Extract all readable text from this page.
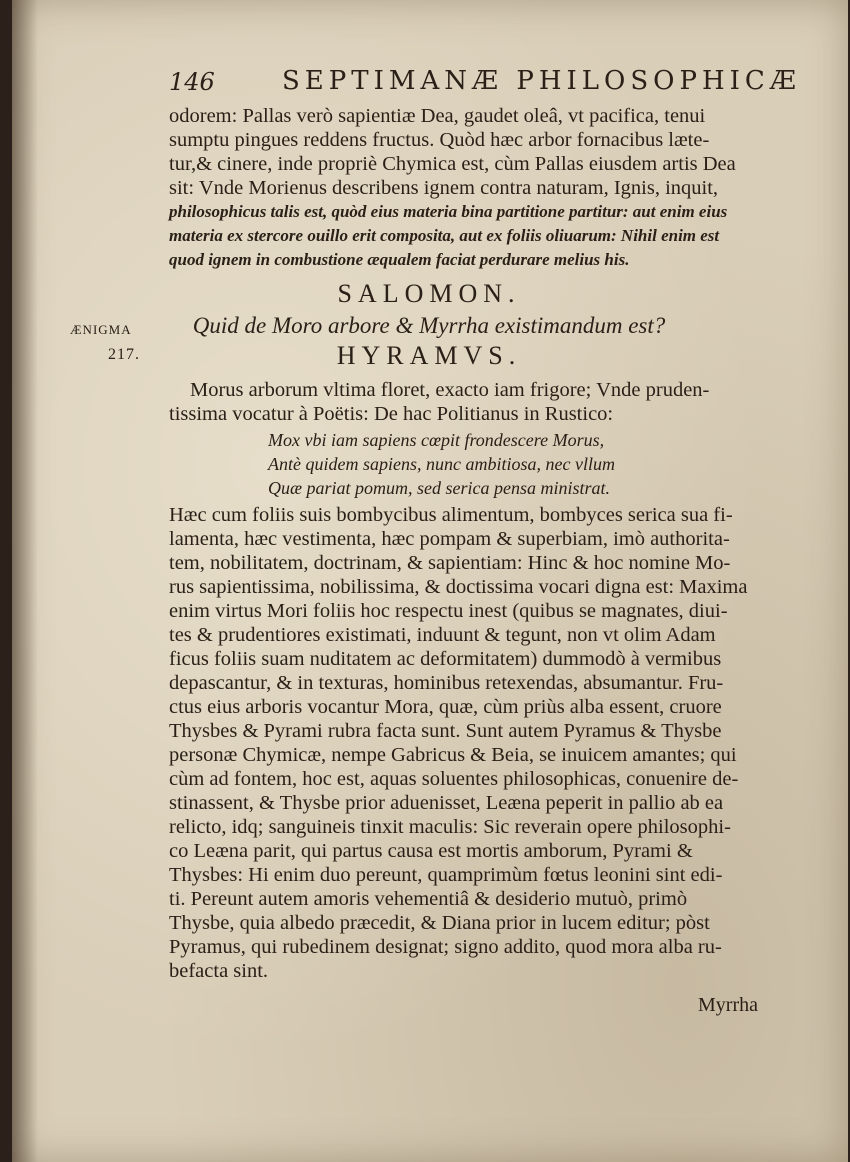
146	SEPTIMANÆ PHILOSOPHICÆ
odorem: Pallas verò sapientiæ Dea, gaudet oleâ, vt pacifica, tenui
sumptu pingues reddens fructus. Quòd hæc arbor fornacibus læte-
tur,& cinere, inde propriè Chymica est, cùm Pallas eiusdem artis Dea
sit: Vnde Morienus describens ignem contra naturam, Ignis, inquit,
philosophicus talis est, quòd eius materia bina partitione partitur: aut enim eius
materia ex stercore ouillo erit composita, aut ex foliis oliuarum: Nihil enim est
quod ignem in combustione æqualem faciat perdurare melius his.
SALOMON.
Quid de Moro arbore & Myrrha existimandum est?
HYRAMVS.
ÆNIGMA
217.
Morus arborum vltima floret, exacto iam frigore; Vnde pruden-
tissima vocatur à Poëtis: De hac Politianus in Rustico:
Mox vbi iam sapiens cœpit frondescere Morus,
Antè quidem sapiens, nunc ambitiosa, nec vllum
Quæ pariat pomum, sed serica pensa ministrat.
Hæc cum foliis suis bombycibus alimentum, bombyces serica sua fi-
lamenta, hæc vestimenta, hæc pompam & superbiam, imò authorita-
tem, nobilitatem, doctrinam, & sapientiam: Hinc & hoc nomine Mo-
rus sapientissima, nobilissima, & doctissima vocari digna est: Maxima
enim virtus Mori foliis hoc respectu inest (quibus se magnates, diui-
tes & prudentiores existimati, induunt & tegunt, non vt olim Adam
ficus foliis suam nuditatem ac deformitatem) dummodò à vermibus
depascantur, & in texturas, hominibus retexendas, absumantur. Fru-
ctus eius arboris vocantur Mora, quæ, cùm priùs alba essent, cruore
Thysbes & Pyrami rubra facta sunt. Sunt autem Pyramus & Thysbe
personæ Chymicæ, nempe Gabricus & Beia, se inuicem amantes; qui
cùm ad fontem, hoc est, aquas soluentes philosophicas, conuenire de-
stinassent, & Thysbe prior aduenisset, Leæna peperit in pallio ab ea
relicto, idq; sanguineis tinxit maculis: Sic reverain opere philosophi-
co Leæna parit, qui partus causa est mortis amborum, Pyrami &
Thysbes: Hi enim duo pereunt, quamprimùm fœtus leonini sint edi-
ti. Pereunt autem amoris vehementiâ & desiderio mutuò, primò
Thysbe, quia albedo præcedit, & Diana prior in lucem editur; pòst
Pyramus, qui rubedinem designat; signo addito, quod mora alba ru-
befacta sint.
Myrrha
